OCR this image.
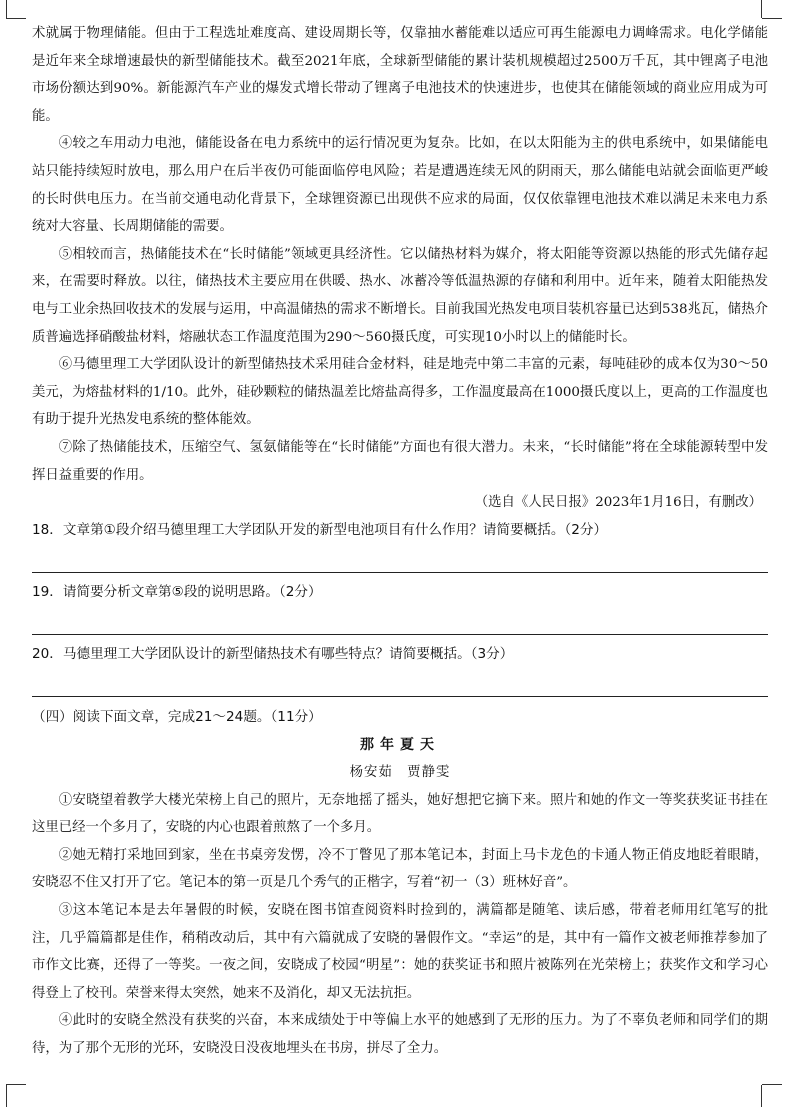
术就属于物理储能。但由于工程选址难度高、建设周期长等，仅靠抽水蓄能难以适应可再生能源电力调峰需求。电化学储能是近年来全球增速最快的新型储能技术。截至2021年底，全球新型储能的累计装机规模超过2500万千瓦，其中锂离子电池市场份额达到90%。新能源汽车产业的爆发式增长带动了锂离子电池技术的快速进步，也使其在储能领域的商业应用成为可能。

④较之车用动力电池，储能设备在电力系统中的运行情况更为复杂。比如，在以太阳能为主的供电系统中，如果储能电站只能持续短时放电，那么用户在后半夜仍可能面临停电风险；若是遭遇连续无风的阴雨天，那么储能电站就会面临更严峻的长时供电压力。在当前交通电动化背景下，全球锂资源已出现供不应求的局面，仅仅依靠锂电池技术难以满足未来电力系统对大容量、长周期储能的需要。

⑤相较而言，热储能技术在“长时储能”领域更具经济性。它以储热材料为媒介，将太阳能等资源以热能的形式先储存起来，在需要时释放。以往，储热技术主要应用在供暖、热水、冰蓄冷等低温热源的存储和利用中。近年来，随着太阳能热发电与工业余热回收技术的发展与运用，中高温储热的需求不断增长。目前我国光热发电项目装机容量已达到538兆瓦，储热介质普遍选择硝酸盐材料，熔融状态工作温度范围为290～560摄氏度，可实现10小时以上的储能时长。

⑥马德里理工大学团队设计的新型储热技术采用硅合金材料，硅是地壳中第二丰富的元素，每吨硅砂的成本仅为30～50美元，为熔盐材料的1/10。此外，硅砂颗粒的储热温差比熔盐高得多，工作温度最高在1000摄氏度以上，更高的工作温度也有助于提升光热发电系统的整体能效。

⑦除了热储能技术，压缩空气、氢氨储能等在“长时储能”方面也有很大潜力。未来，“长时储能”将在全球能源转型中发挥日益重要的作用。

（选自《人民日报》2023年1月16日，有删改）

18．文章第①段介绍马德里理工大学团队开发的新型电池项目有什么作用？请简要概括。（2分）

19．请简要分析文章第⑤段的说明思路。（2分）

20．马德里理工大学团队设计的新型储热技术有哪些特点？请简要概括。（3分）

（四）阅读下面文章，完成21～24题。（11分）

那年夏天

杨安茹　贾静雯

①安晓望着教学大楼光荣榜上自己的照片，无奈地摇了摇头，她好想把它摘下来。照片和她的作文一等奖获奖证书挂在这里已经一个多月了，安晓的内心也跟着煎熬了一个多月。

②她无精打采地回到家，坐在书桌旁发愣，冷不丁瞥见了那本笔记本，封面上马卡龙色的卡通人物正俏皮地眨着眼睛，安晓忍不住又打开了它。笔记本的第一页是几个秀气的正楷字，写着“初一（3）班林好音”。

③这本笔记本是去年暑假的时候，安晓在图书馆查阅资料时捡到的，满篇都是随笔、读后感，带着老师用红笔写的批注，几乎篇篇都是佳作，稍稍改动后，其中有六篇就成了安晓的暑假作文。“幸运”的是，其中有一篇作文被老师推荐参加了市作文比赛，还得了一等奖。一夜之间，安晓成了校园“明星”：她的获奖证书和照片被陈列在光荣榜上；获奖作文和学习心得登上了校刊。荣誉来得太突然，她来不及消化，却又无法抗拒。

④此时的安晓全然没有获奖的兴奋，本来成绩处于中等偏上水平的她感到了无形的压力。为了不辜负老师和同学们的期待，为了那个无形的光环，安晓没日没夜地埋头在书房，拼尽了全力。
